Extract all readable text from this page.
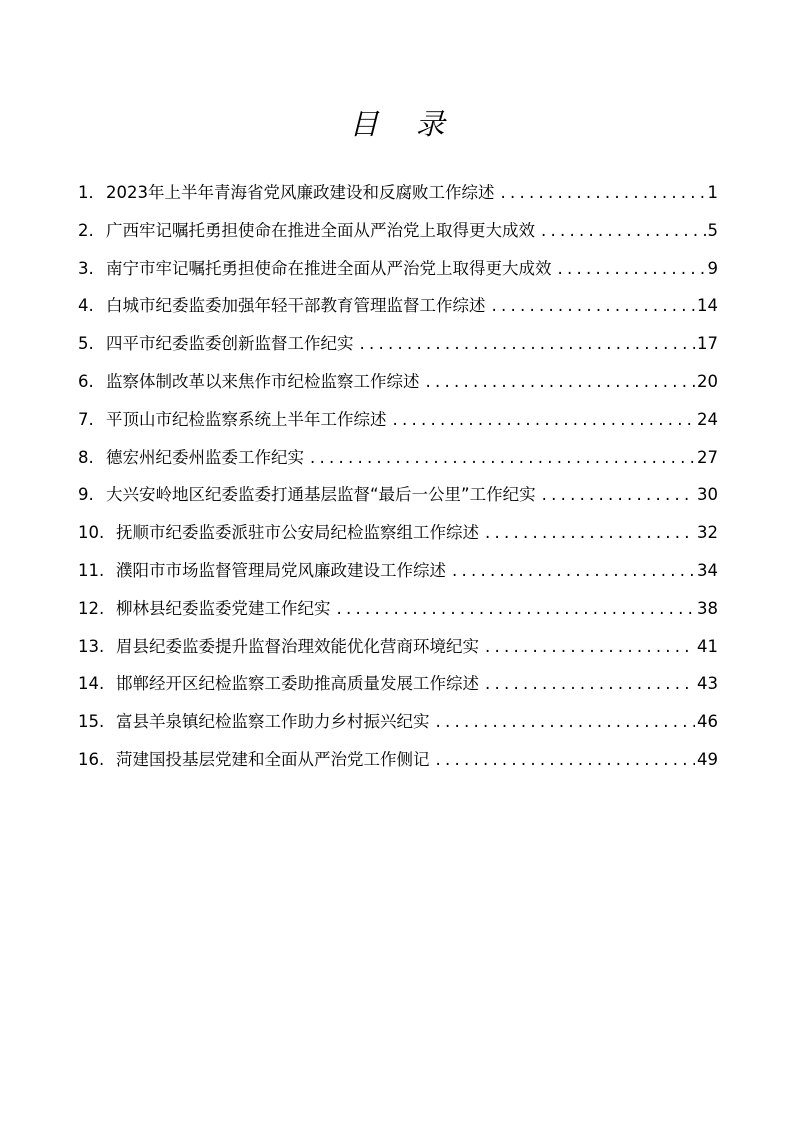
目 录
1． 2023年上半年青海省党风廉政建设和反腐败工作综述 . . .	1
2. 广西牢记嘱托勇担使命在推进全面从严治党上取得更大成效 . . .	5
3. 南宁市牢记嘱托勇担使命在推进全面从严治党上取得更大成效 . . .	9
4. 白城市纪委监委加强年轻干部教育管理监督工作综述 . . .	14
5. 四平市纪委监委创新监督工作纪实 . . .	17
6. 监察体制改革以来焦作市纪检监察工作综述 . . .	20
7. 平顶山市纪检监察系统上半年工作综述 . . .	24
8. 德宏州纪委州监委工作纪实 . . .	27
9. 大兴安岭地区纪委监委打通基层监督“最后一公里”工作纪实 . . .	30
10. 抚顺市纪委监委派驻市公安局纪检监察组工作综述 . . .	32
11. 濮阳市市场监督管理局党风廉政建设工作综述 . . .	34
12. 柳林县纪委监委党建工作纪实 . . .	38
13. 眉县纪委监委提升监督治理效能优化营商环境纪实 . . .	41
14. 邯郸经开区纪检监察工委助推高质量发展工作综述 . . .	43
15. 富县羊泉镇纪检监察工作助力乡村振兴纪实 . . .	46
16. 菏建国投基层党建和全面从严治党工作侧记 . . .	49
